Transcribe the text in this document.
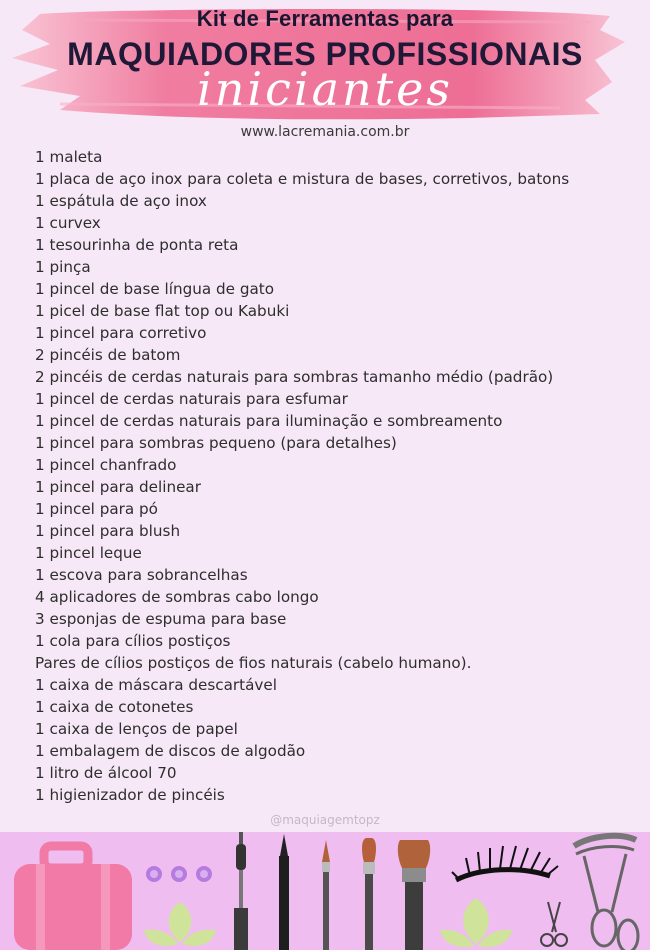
Kit de Ferramentas para
MAQUIADORES PROFISSIONAIS
iniciantes
www.lacremania.com.br
1 maleta
1 placa de aço inox para coleta e mistura de bases, corretivos, batons
1 espátula de aço inox
1 curvex
1 tesourinha de ponta reta
1 pinça
1 pincel de base língua de gato
1 picel de base flat top ou Kabuki
1 pincel para corretivo
2 pincéis de batom
2 pincéis de cerdas naturais para sombras tamanho médio (padrão)
1 pincel de cerdas naturais para esfumar
1 pincel de cerdas naturais para iluminação e sombreamento
1 pincel para sombras pequeno (para detalhes)
1 pincel chanfrado
1 pincel para delinear
1 pincel para pó
1 pincel para blush
1 pincel leque
1 escova para sobrancelhas
4 aplicadores de sombras cabo longo
3 esponjas de espuma para base
1 cola para cílios postiços
Pares de cílios postiços de fios naturais (cabelo humano).
1 caixa de máscara descartável
1 caixa de cotonetes
1 caixa de lenços de papel
1 embalagem de discos de algodão
1 litro de álcool 70
1 higienizador de pincéis
@maquiagemtopz
